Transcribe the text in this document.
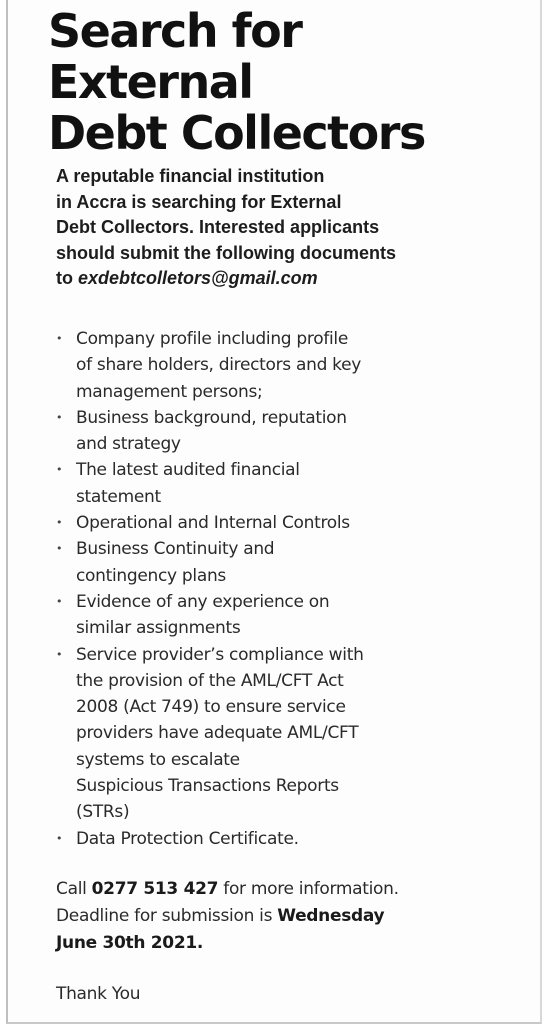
Search for
External
Debt Collectors

A reputable financial institution
in Accra is searching for External
Debt Collectors. Interested applicants
should submit the following documents
to exdebtcolletors@gmail.com

• Company profile including profile
of share holders, directors and key
management persons;
• Business background, reputation
and strategy
• The latest audited financial
statement
• Operational and Internal Controls
• Business Continuity and
contingency plans
• Evidence of any experience on
similar assignments
• Service provider’s compliance with
the provision of the AML/CFT Act
2008 (Act 749) to ensure service
providers have adequate AML/CFT
systems to escalate
Suspicious Transactions Reports
(STRs)
• Data Protection Certificate.

Call 0277 513 427 for more information.
Deadline for submission is Wednesday
June 30th 2021.

Thank You
